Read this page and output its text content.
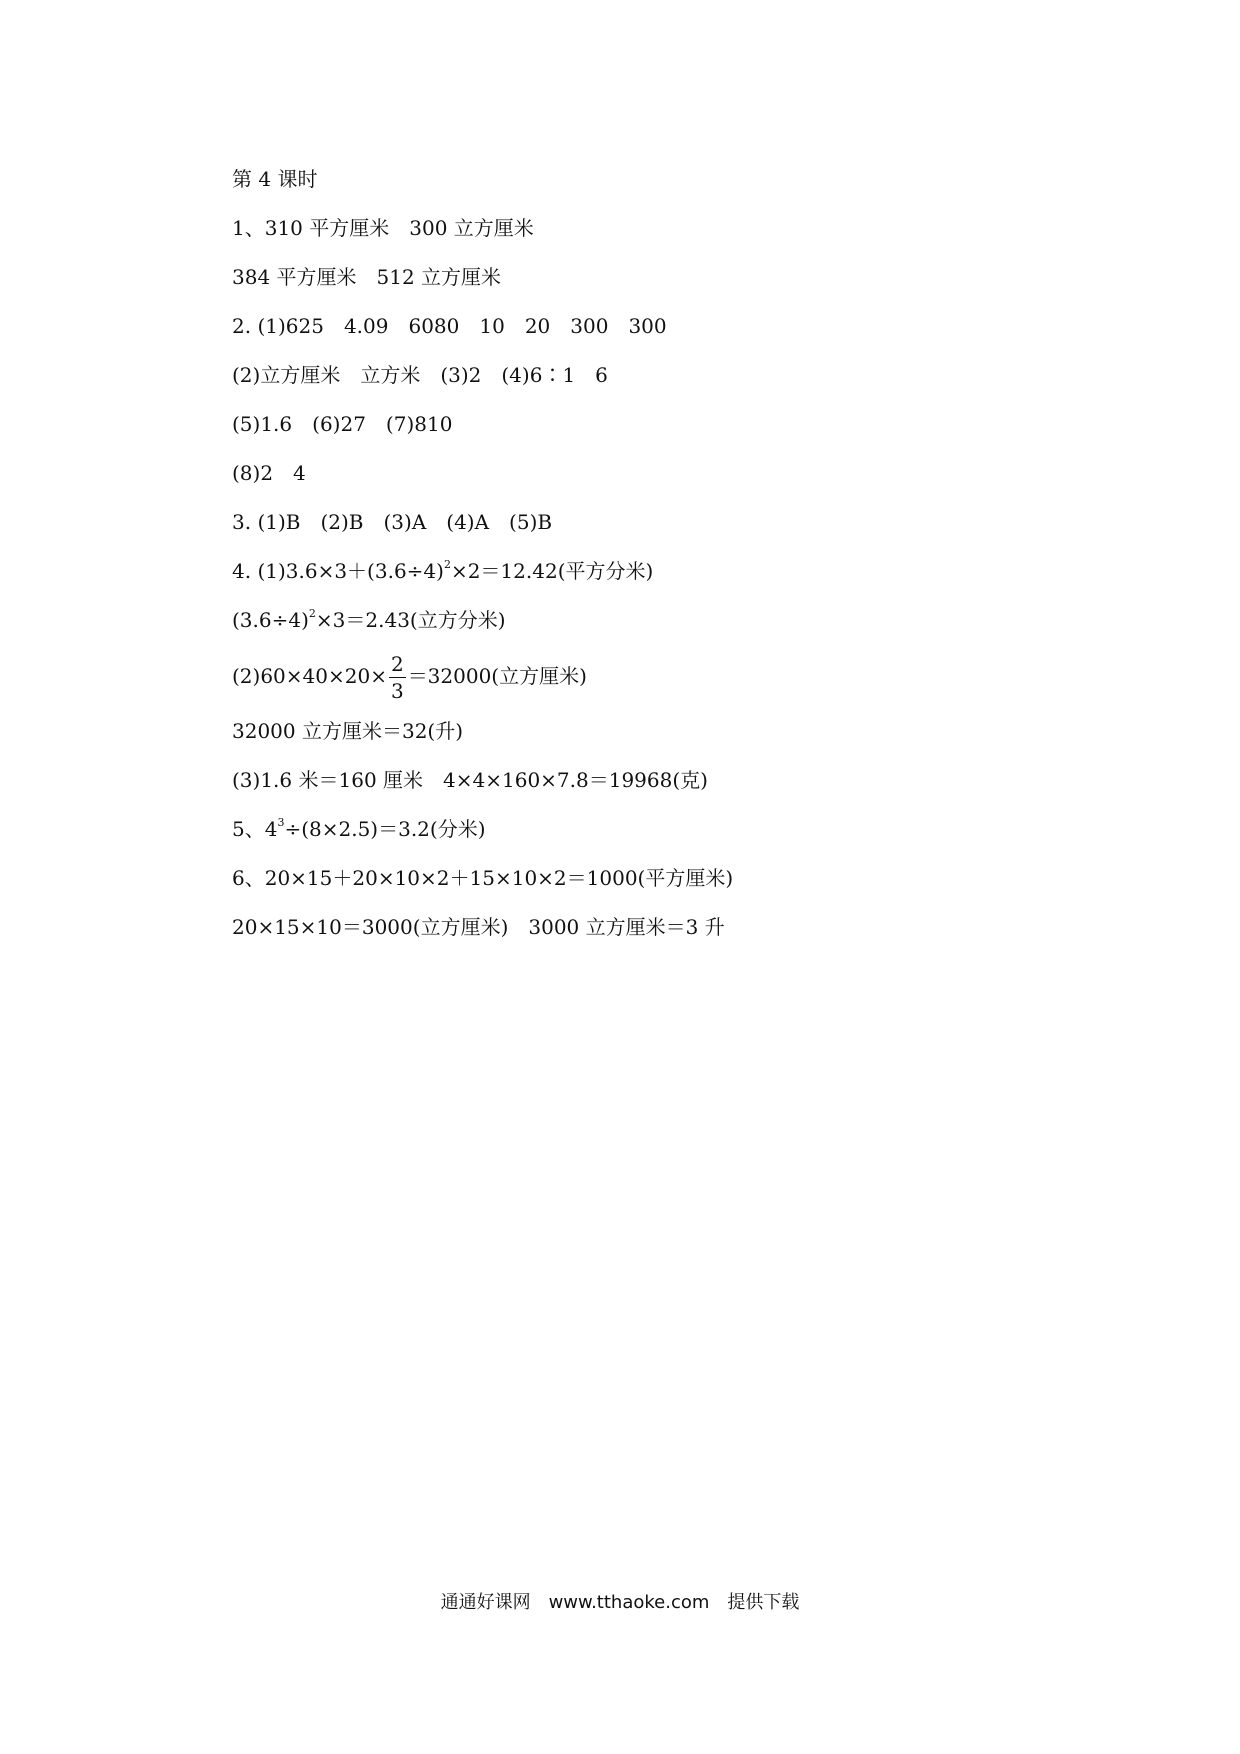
第 4 课时
1、310 平方厘米　300 立方厘米
384 平方厘米　512 立方厘米
2. (1)625　4.09　6080　10　20　300　300
(2)立方厘米　立方米　(3)2　(4)6∶1　6
(5)1.6　(6)27　(7)810
(8)2　4
3. (1)B　(2)B　(3)A　(4)A　(5)B
4. $(1)3.6\times 3+(3.6\div 4)^2\times 2=12.42$(平方分米)
$(3.6\div 4)^2\times 3=2.43$(立方分米)
$(2)60\times 40\times 20\times \frac{2}{3} =32000$(立方厘米)
32000 立方厘米＝32(升)
(3)1.6 米＝160 厘米　4×4×160×7.8＝19968(克)
5、$4^3\div(8\times 2.5)=3.2$(分米)
6、20×15＋20×10×2＋15×10×2＝1000(平方厘米)
20×15×10＝3000(立方厘米)　3000 立方厘米＝3 升
通通好课网　www.tthaoke.com　提供下载
